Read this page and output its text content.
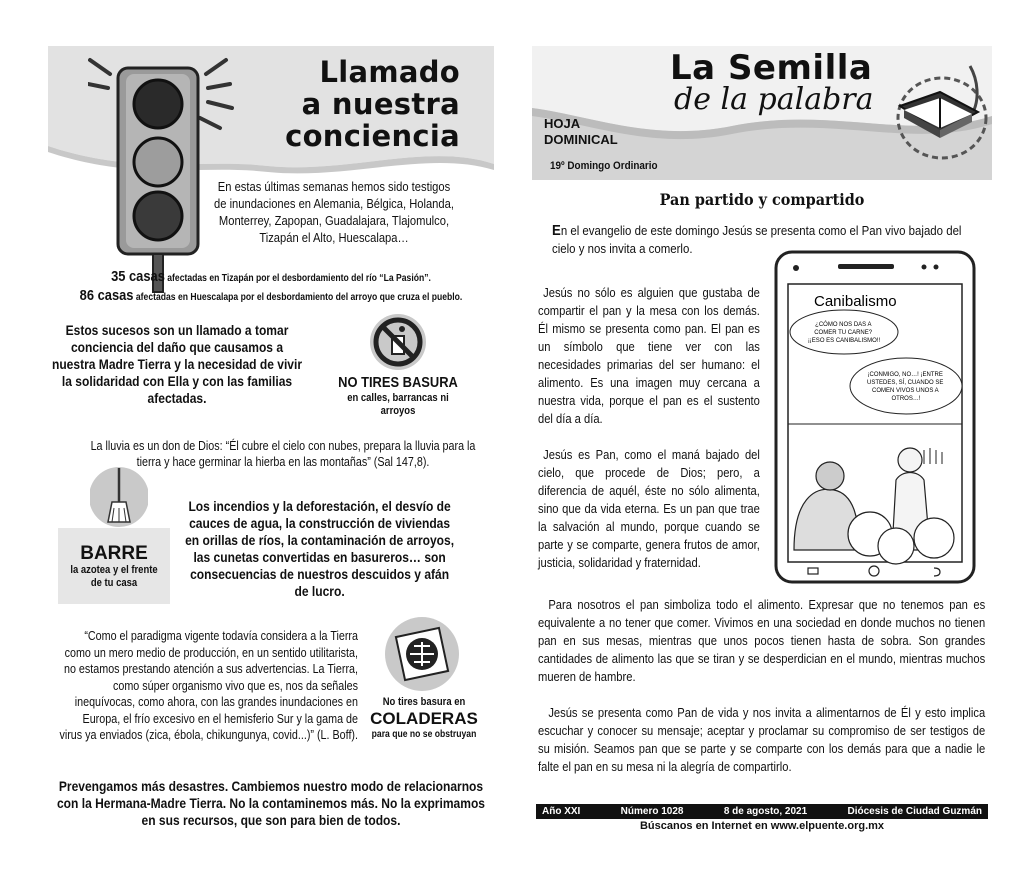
Llamado
a nuestra
conciencia
En estas últimas semanas hemos sido testigos de inundaciones en Alemania, Bélgica, Holanda, Monterrey, Zapopan, Guadalajara, Tlajomulco, Tizapán el Alto, Huescalapa…

35 casas afectadas en Tizapán por el desbordamiento del río “La Pasión”.

86 casas afectadas en Huescalapa por el desbordamiento del arroyo que cruza el pueblo.

Estos sucesos son un llamado a tomar conciencia del daño que causamos a nuestra Madre Tierra y la necesidad de vivir la solidaridad con Ella y con las familias afectadas.
NO TIRES BASURA
en calles, barrancas ni arroyos
La lluvia es un don de Dios: “Él cubre el cielo con nubes, prepara la lluvia para la tierra y hace germinar la hierba en las montañas” (Sal 147,8).
BARRE
la azotea y el frente de tu casa
Los incendios y la deforestación, el desvío de cauces de agua, la construcción de viviendas en orillas de ríos, la contaminación de arroyos, las cunetas convertidas en basureros… son consecuencias de nuestros descuidos y afán de lucro.
“Como el paradigma vigente todavía considera a la Tierra como un mero medio de producción, en un sentido utilitarista, no estamos prestando atención a sus advertencias. La Tierra, como súper organismo vivo que es, nos da señales inequívocas, como ahora, con las grandes inundaciones en Europa, el frío excesivo en el hemisferio Sur y la gama de virus ya enviados (zica, ébola, chikungunya, covid...)” (L. Boff).
No tires basura en
COLADERAS
para que no se obstruyan
Prevengamos más desastres. Cambiemos nuestro modo de relacionarnos con la Hermana-Madre Tierra. No la contaminemos más. No la exprimamos en sus recursos, que son para bien de todos.
La Semilla
de la palabra
HOJA
DOMINICAL
19º Domingo Ordinario
Pan partido y compartido
En el evangelio de este domingo Jesús se presenta como el Pan vivo bajado del cielo y nos invita a comerlo.

Jesús no sólo es alguien que gustaba de compartir el pan y la mesa con los demás. Él mismo se presenta como pan. El pan es un símbolo que tiene ver con las necesidades primarias del ser humano: el alimento. Es una imagen muy cercana a nuestra vida, porque el pan es el sustento del día a día.

Jesús es Pan, como el maná bajado del cielo, que procede de Dios; pero, a diferencia de aquél, éste no sólo alimenta, sino que da vida eterna. Es un pan que trae la salvación al mundo, porque cuando se parte y se comparte, genera frutos de amor, justicia, solidaridad y fraternidad.

Canibalismo
¿CÓMO NOS DAS A COMER TU CARNE? ¡¡ESO ES CANIBALISMO!!
¡CONMIGO, NO…! ¡ENTRE USTEDES, SÍ, CUANDO SE COMEN VIVOS UNOS A OTROS…!

Para nosotros el pan simboliza todo el alimento. Expresar que no tenemos pan es equivalente a no tener que comer. Vivimos en una sociedad en donde muchos no tienen pan en sus mesas, mientras que unos pocos tienen hasta de sobra. Son grandes cantidades de alimento las que se tiran y se desperdician en el mundo, mientras muchos mueren de hambre.

Jesús se presenta como Pan de vida y nos invita a alimentarnos de Él y esto implica escuchar y conocer su mensaje; aceptar y proclamar su compromiso de ser testigos de su misión. Seamos pan que se parte y se comparte con los demás para que a nadie le falte el pan en su mesa ni la alegría de compartirlo.

Año XXI	Número 1028	8 de agosto, 2021	Diócesis de Ciudad Guzmán
Búscanos en Internet en www.elpuente.org.mx
